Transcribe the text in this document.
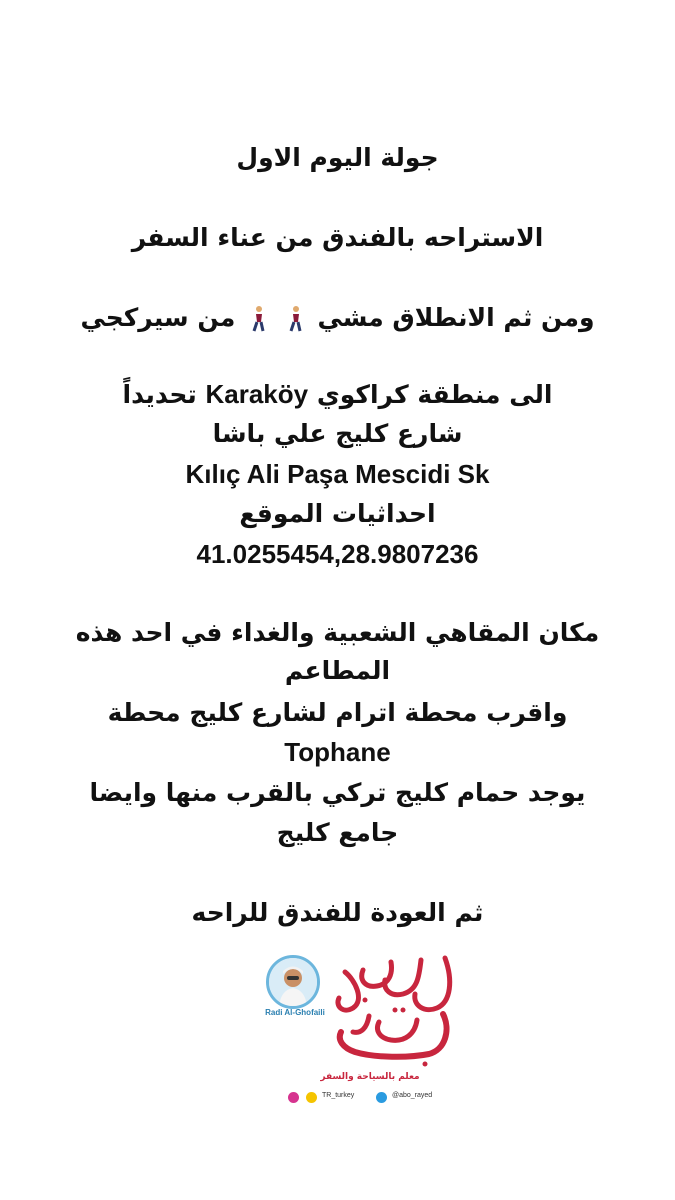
جولة اليوم الاول
الاستراحه بالفندق من عناء السفر
ومن ثم الانطلاق مشي   من سيركجي
الى منطقة كراكوي Karaköy تحديداً
شارع كليج علي باشا
Kılıç Ali Paşa Mescidi Sk
احداثيات الموقع
41.0255454,28.9807236
مكان المقاهي الشعبية والغداء في احد هذه
المطاعم
واقرب محطة اترام لشارع كليج محطة
Tophane
يوجد حمام كليج تركي بالقرب منها وايضا
جامع كليج
ثم العودة للفندق للراحه
Radi Al-Ghofaili
معلم بالسياحة والسفر
TR_turkey	@abo_rayed
